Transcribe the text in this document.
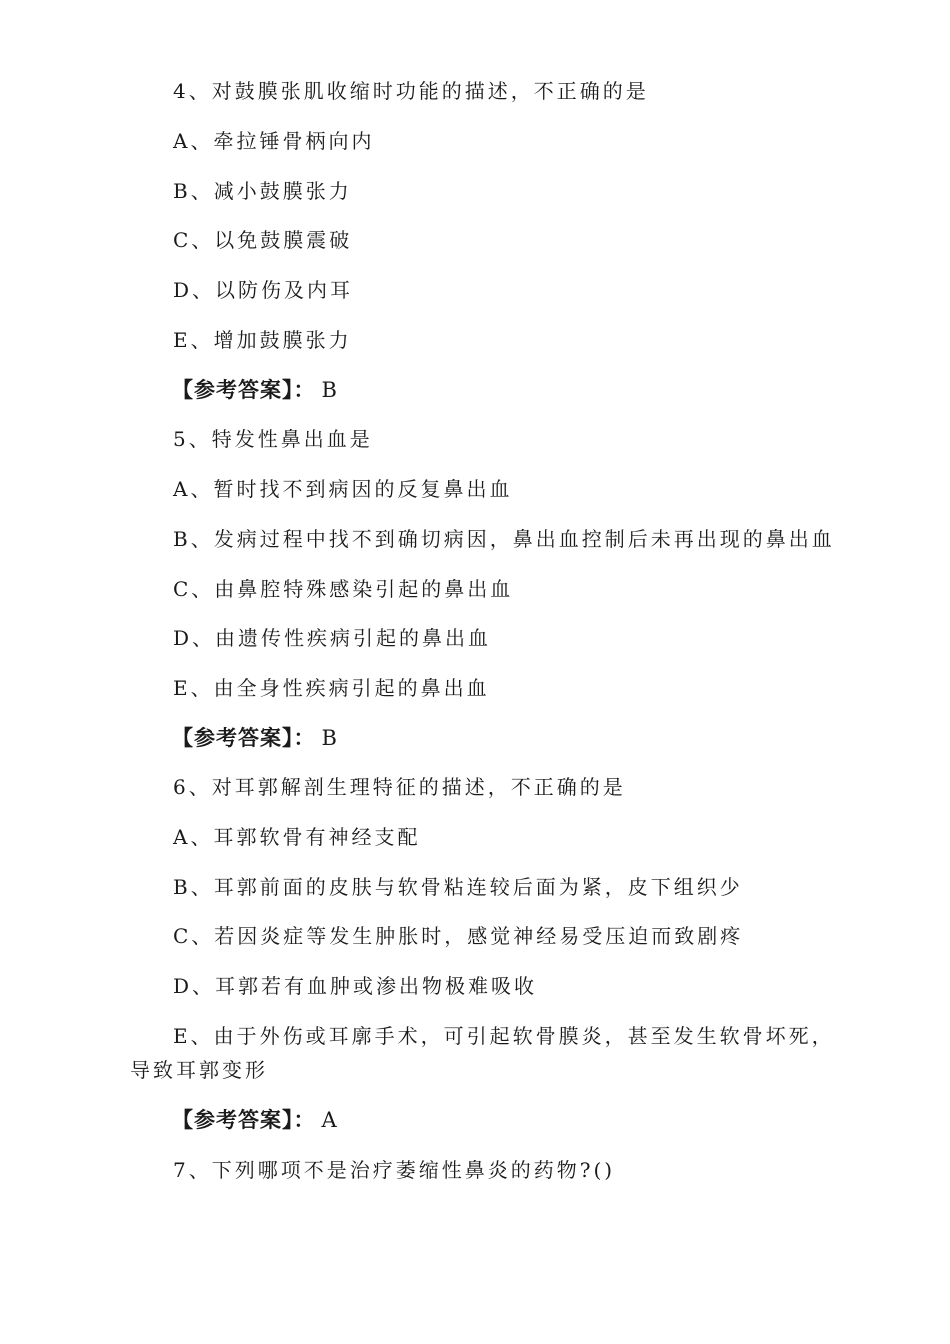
4、对鼓膜张肌收缩时功能的描述，不正确的是
A、牵拉锤骨柄向内
B、减小鼓膜张力
C、以免鼓膜震破
D、以防伤及内耳
E、增加鼓膜张力
【参考答案】： B
5、特发性鼻出血是
A、暂时找不到病因的反复鼻出血
B、发病过程中找不到确切病因，鼻出血控制后未再出现的鼻出血
C、由鼻腔特殊感染引起的鼻出血
D、由遗传性疾病引起的鼻出血
E、由全身性疾病引起的鼻出血
【参考答案】： B
6、对耳郭解剖生理特征的描述，不正确的是
A、耳郭软骨有神经支配
B、耳郭前面的皮肤与软骨粘连较后面为紧，皮下组织少
C、若因炎症等发生肿胀时，感觉神经易受压迫而致剧疼
D、耳郭若有血肿或渗出物极难吸收
E、由于外伤或耳廓手术，可引起软骨膜炎，甚至发生软骨坏死，
导致耳郭变形
【参考答案】： A
7、下列哪项不是治疗萎缩性鼻炎的药物?()
